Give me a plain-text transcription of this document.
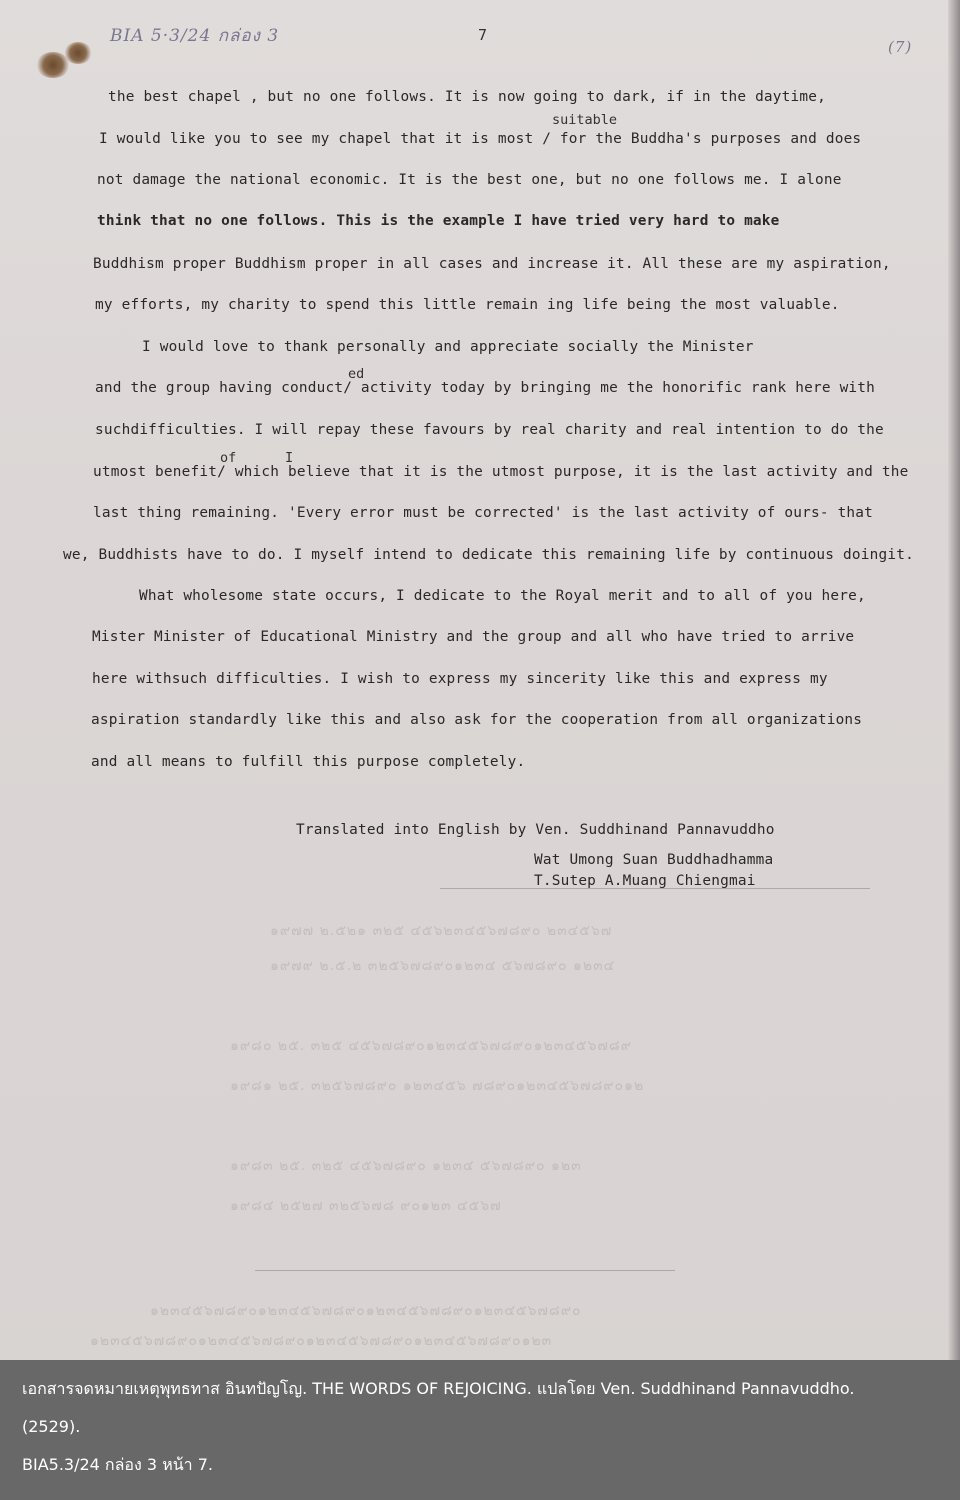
BIA 5·3/24 กล่อง 3	7
(7)
๑๙๗๗ ๒.๕๒๑ ๓๒๕ ๔๕๖๒๓๔๕๖๗๘๙๐ ๒๓๔๕๖๗
๑๙๗๙ ๒.๕.๒ ๓๒๕๖๗๘๙๐๑๒๓๔ ๕๖๗๘๙๐ ๑๒๓๔
๑๙๘๐ ๒๕. ๓๒๕ ๔๕๖๗๘๙๐๑๒๓๔๕๖๗๘๙๐๑๒๓๔๕๖๗๘๙
๑๙๘๑ ๒๕. ๓๒๕๖๗๘๙๐ ๑๒๓๔๕๖ ๗๘๙๐๑๒๓๔๕๖๗๘๙๐๑๒
๑๙๘๓ ๒๕. ๓๒๕ ๔๕๖๗๘๙๐ ๑๒๓๔ ๕๖๗๘๙๐ ๑๒๓
๑๙๘๔ ๒๕๒๗ ๓๒๕๖๗๘ ๙๐๑๒๓ ๔๕๖๗
๑๒๓๔๕๖๗๘๙๐๑๒๓๔๕๖๗๘๙๐๑๒๓๔๕๖๗๘๙๐๑๒๓๔๕๖๗๘๙๐
๑๒๓๔๕๖๗๘๙๐๑๒๓๔๕๖๗๘๙๐๑๒๓๔๕๖๗๘๙๐๑๒๓๔๕๖๗๘๙๐๑๒๓
the best chapel , but no one follows. It is now going to dark, if in the daytime,
suitable
I would like you to see my chapel that it is most / for the Buddha's purposes and does
not damage the national economic. It is the best one, but no one follows me. I alone
think that no one follows. This is the example I have tried very hard to make
Buddhism proper Buddhism proper in all cases and increase it. All these are my aspiration,
my efforts, my charity to spend this little remain ing life being the most valuable.
I would love to thank personally and appreciate socially the Minister
ed
and the group having conduct/ activity today by bringing me the honorific rank here with
suchdifficulties. I will repay these favours by real charity and real intention to do the
of	I
utmost benefit/ which believe that it is the utmost purpose, it is the last activity and the
last thing remaining. 'Every error must be corrected' is the last activity of ours- that
we, Buddhists have to do. I myself intend to dedicate this remaining life by continuous doingit.
What wholesome state occurs, I dedicate to the Royal merit and to all of you here,
Mister Minister of Educational Ministry and the group and all who have tried to arrive
here withsuch difficulties. I wish to express my sincerity like this and express my
aspiration standardly like this and also ask for the cooperation from all organizations
and all means to fulfill this purpose completely.
Translated into English by Ven. Suddhinand Pannavuddho
Wat Umong Suan Buddhadhamma
T.Sutep A.Muang Chiengmai
เอกสารจดหมายเหตุพุทธทาส อินทปัญโญ. THE WORDS OF REJOICING. แปลโดย Ven. Suddhinand Pannavuddho.
(2529).
BIA5.3/24 กล่อง 3 หน้า 7.
